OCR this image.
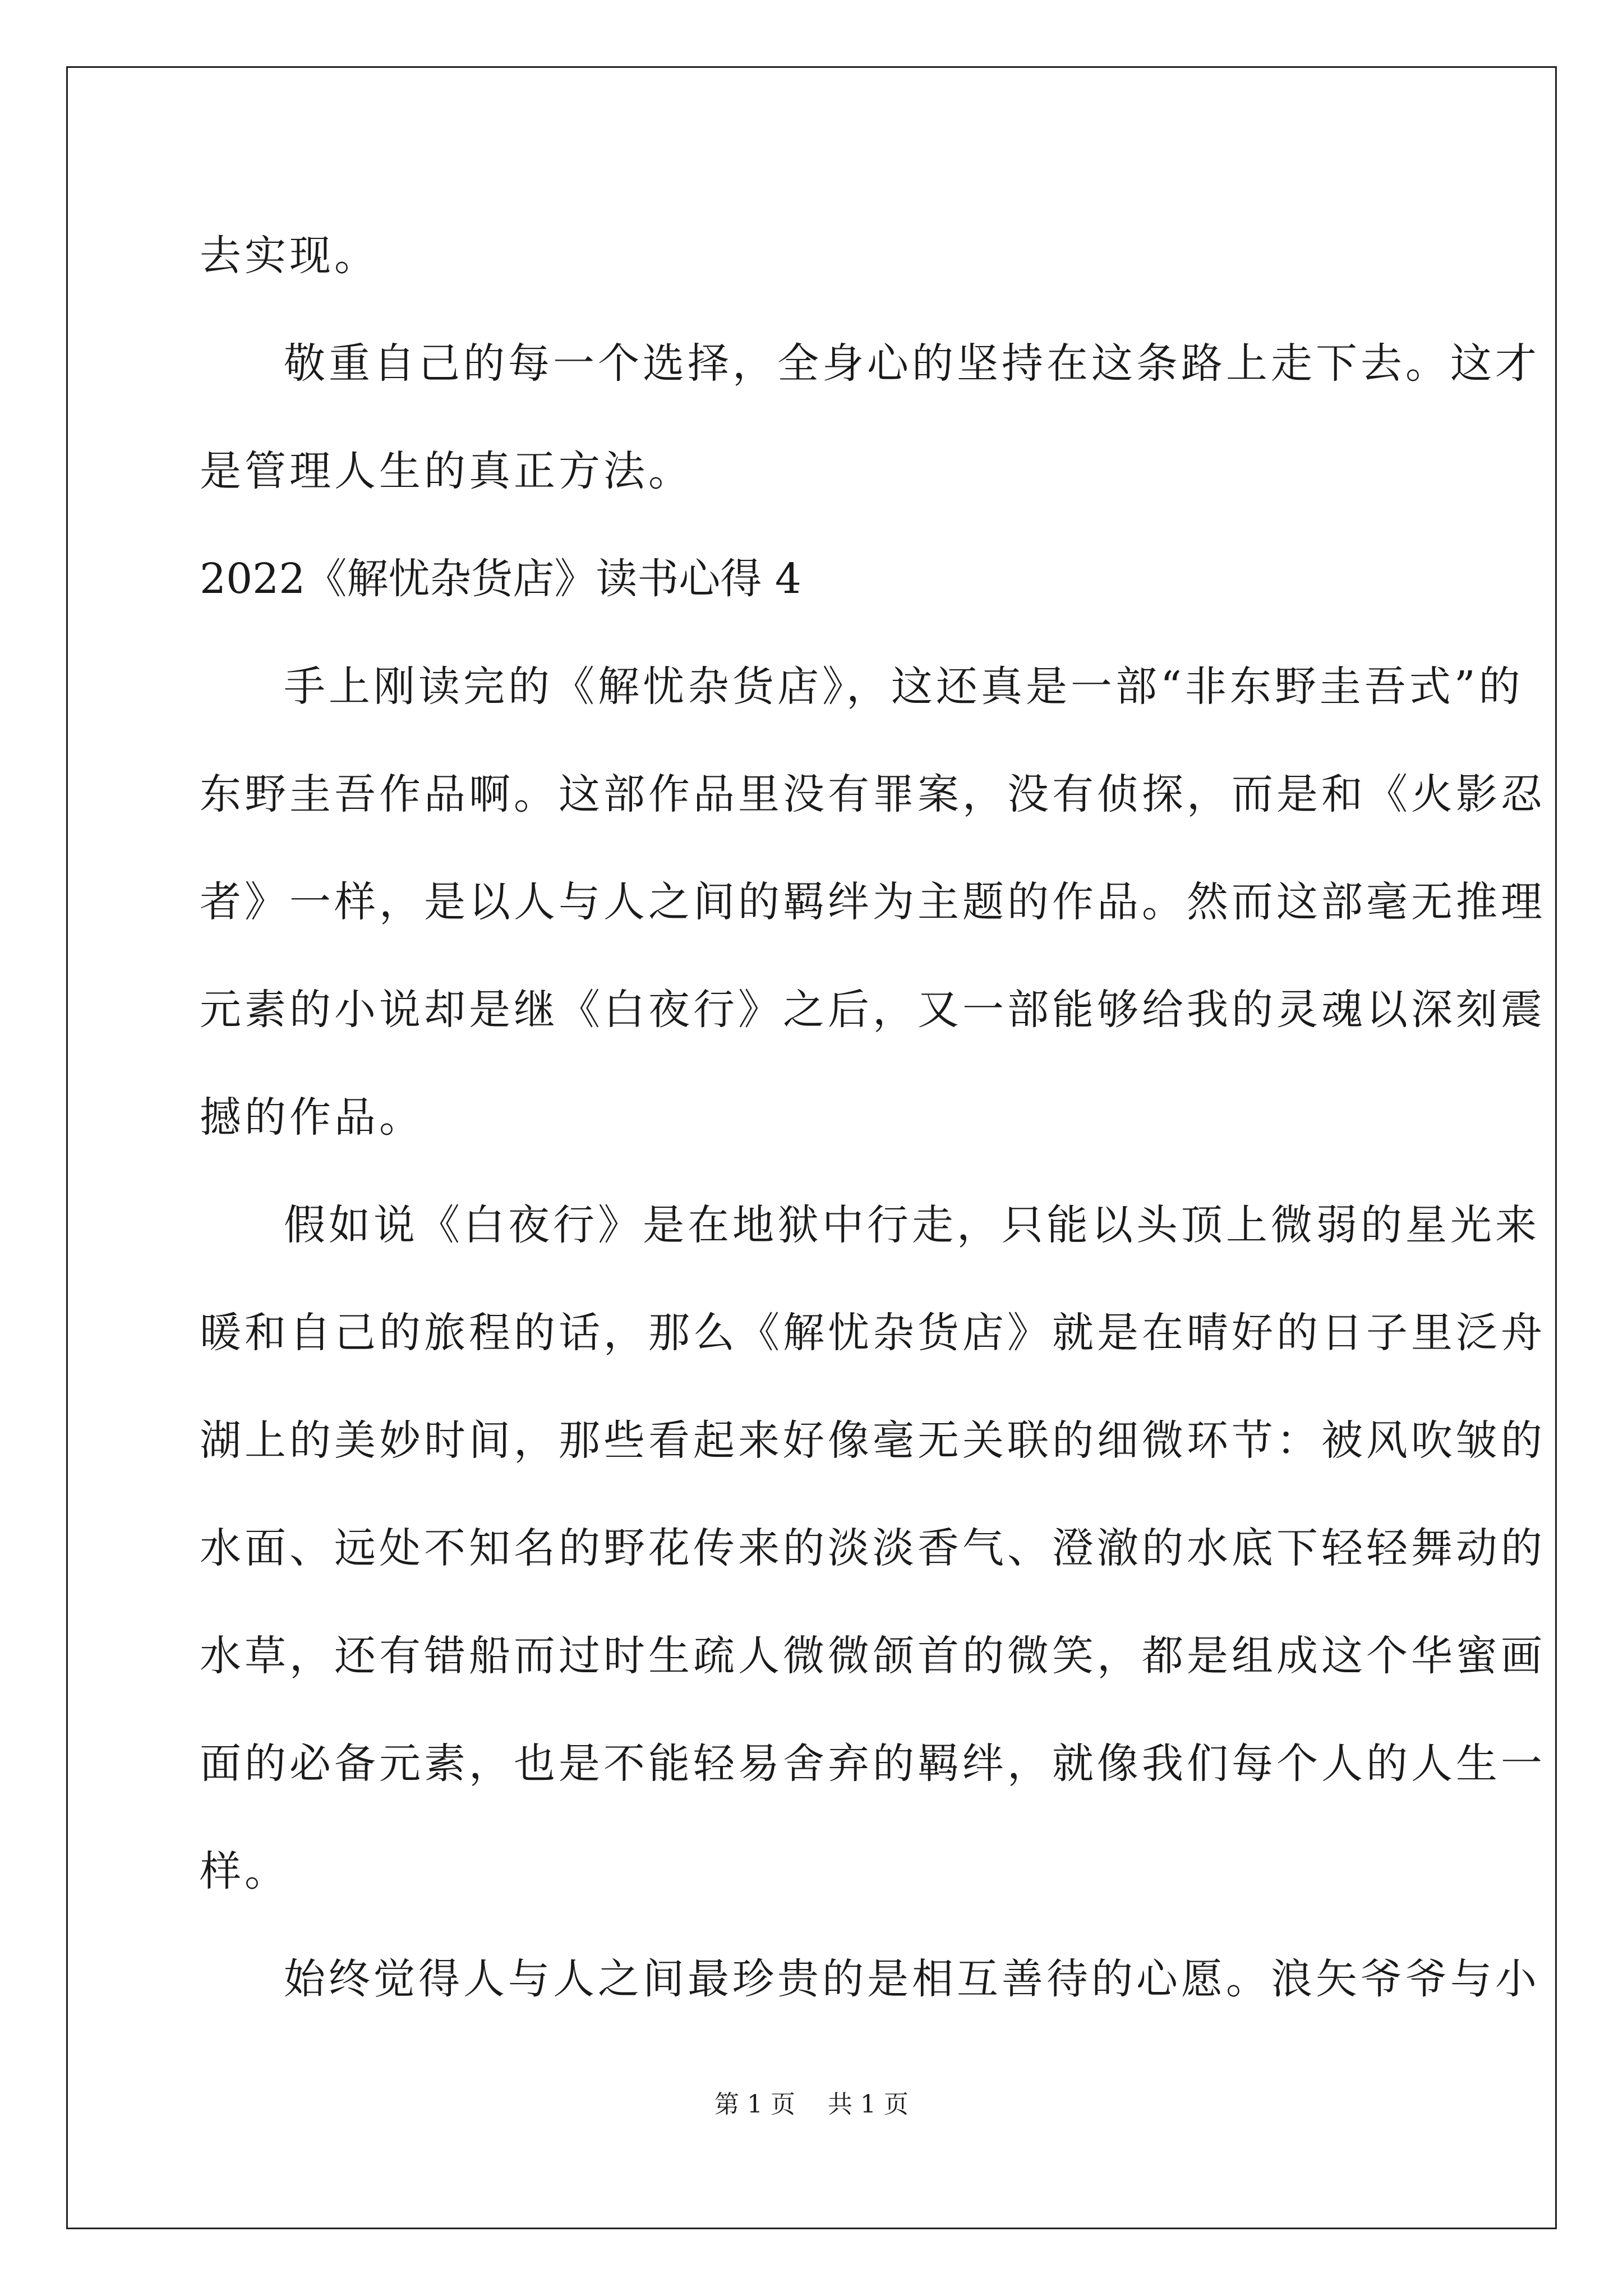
去实现。
敬重自己的每一个选择，全身心的坚持在这条路上走下去。这才
是管理人生的真正方法。
2022《解忧杂货店》读书心得 4
手上刚读完的《解忧杂货店》，这还真是一部“非东野圭吾式”的
东野圭吾作品啊。这部作品里没有罪案，没有侦探，而是和《火影忍
者》一样，是以人与人之间的羁绊为主题的作品。然而这部毫无推理
元素的小说却是继《白夜行》之后，又一部能够给我的灵魂以深刻震
撼的作品。
假如说《白夜行》是在地狱中行走，只能以头顶上微弱的星光来
暖和自己的旅程的话，那么《解忧杂货店》就是在晴好的日子里泛舟
湖上的美妙时间，那些看起来好像毫无关联的细微环节：被风吹皱的
水面、远处不知名的野花传来的淡淡香气、澄澈的水底下轻轻舞动的
水草，还有错船而过时生疏人微微颌首的微笑，都是组成这个华蜜画
面的必备元素，也是不能轻易舍弃的羁绊，就像我们每个人的人生一
样。
始终觉得人与人之间最珍贵的是相互善待的心愿。浪矢爷爷与小
第 1 页 共 1 页
